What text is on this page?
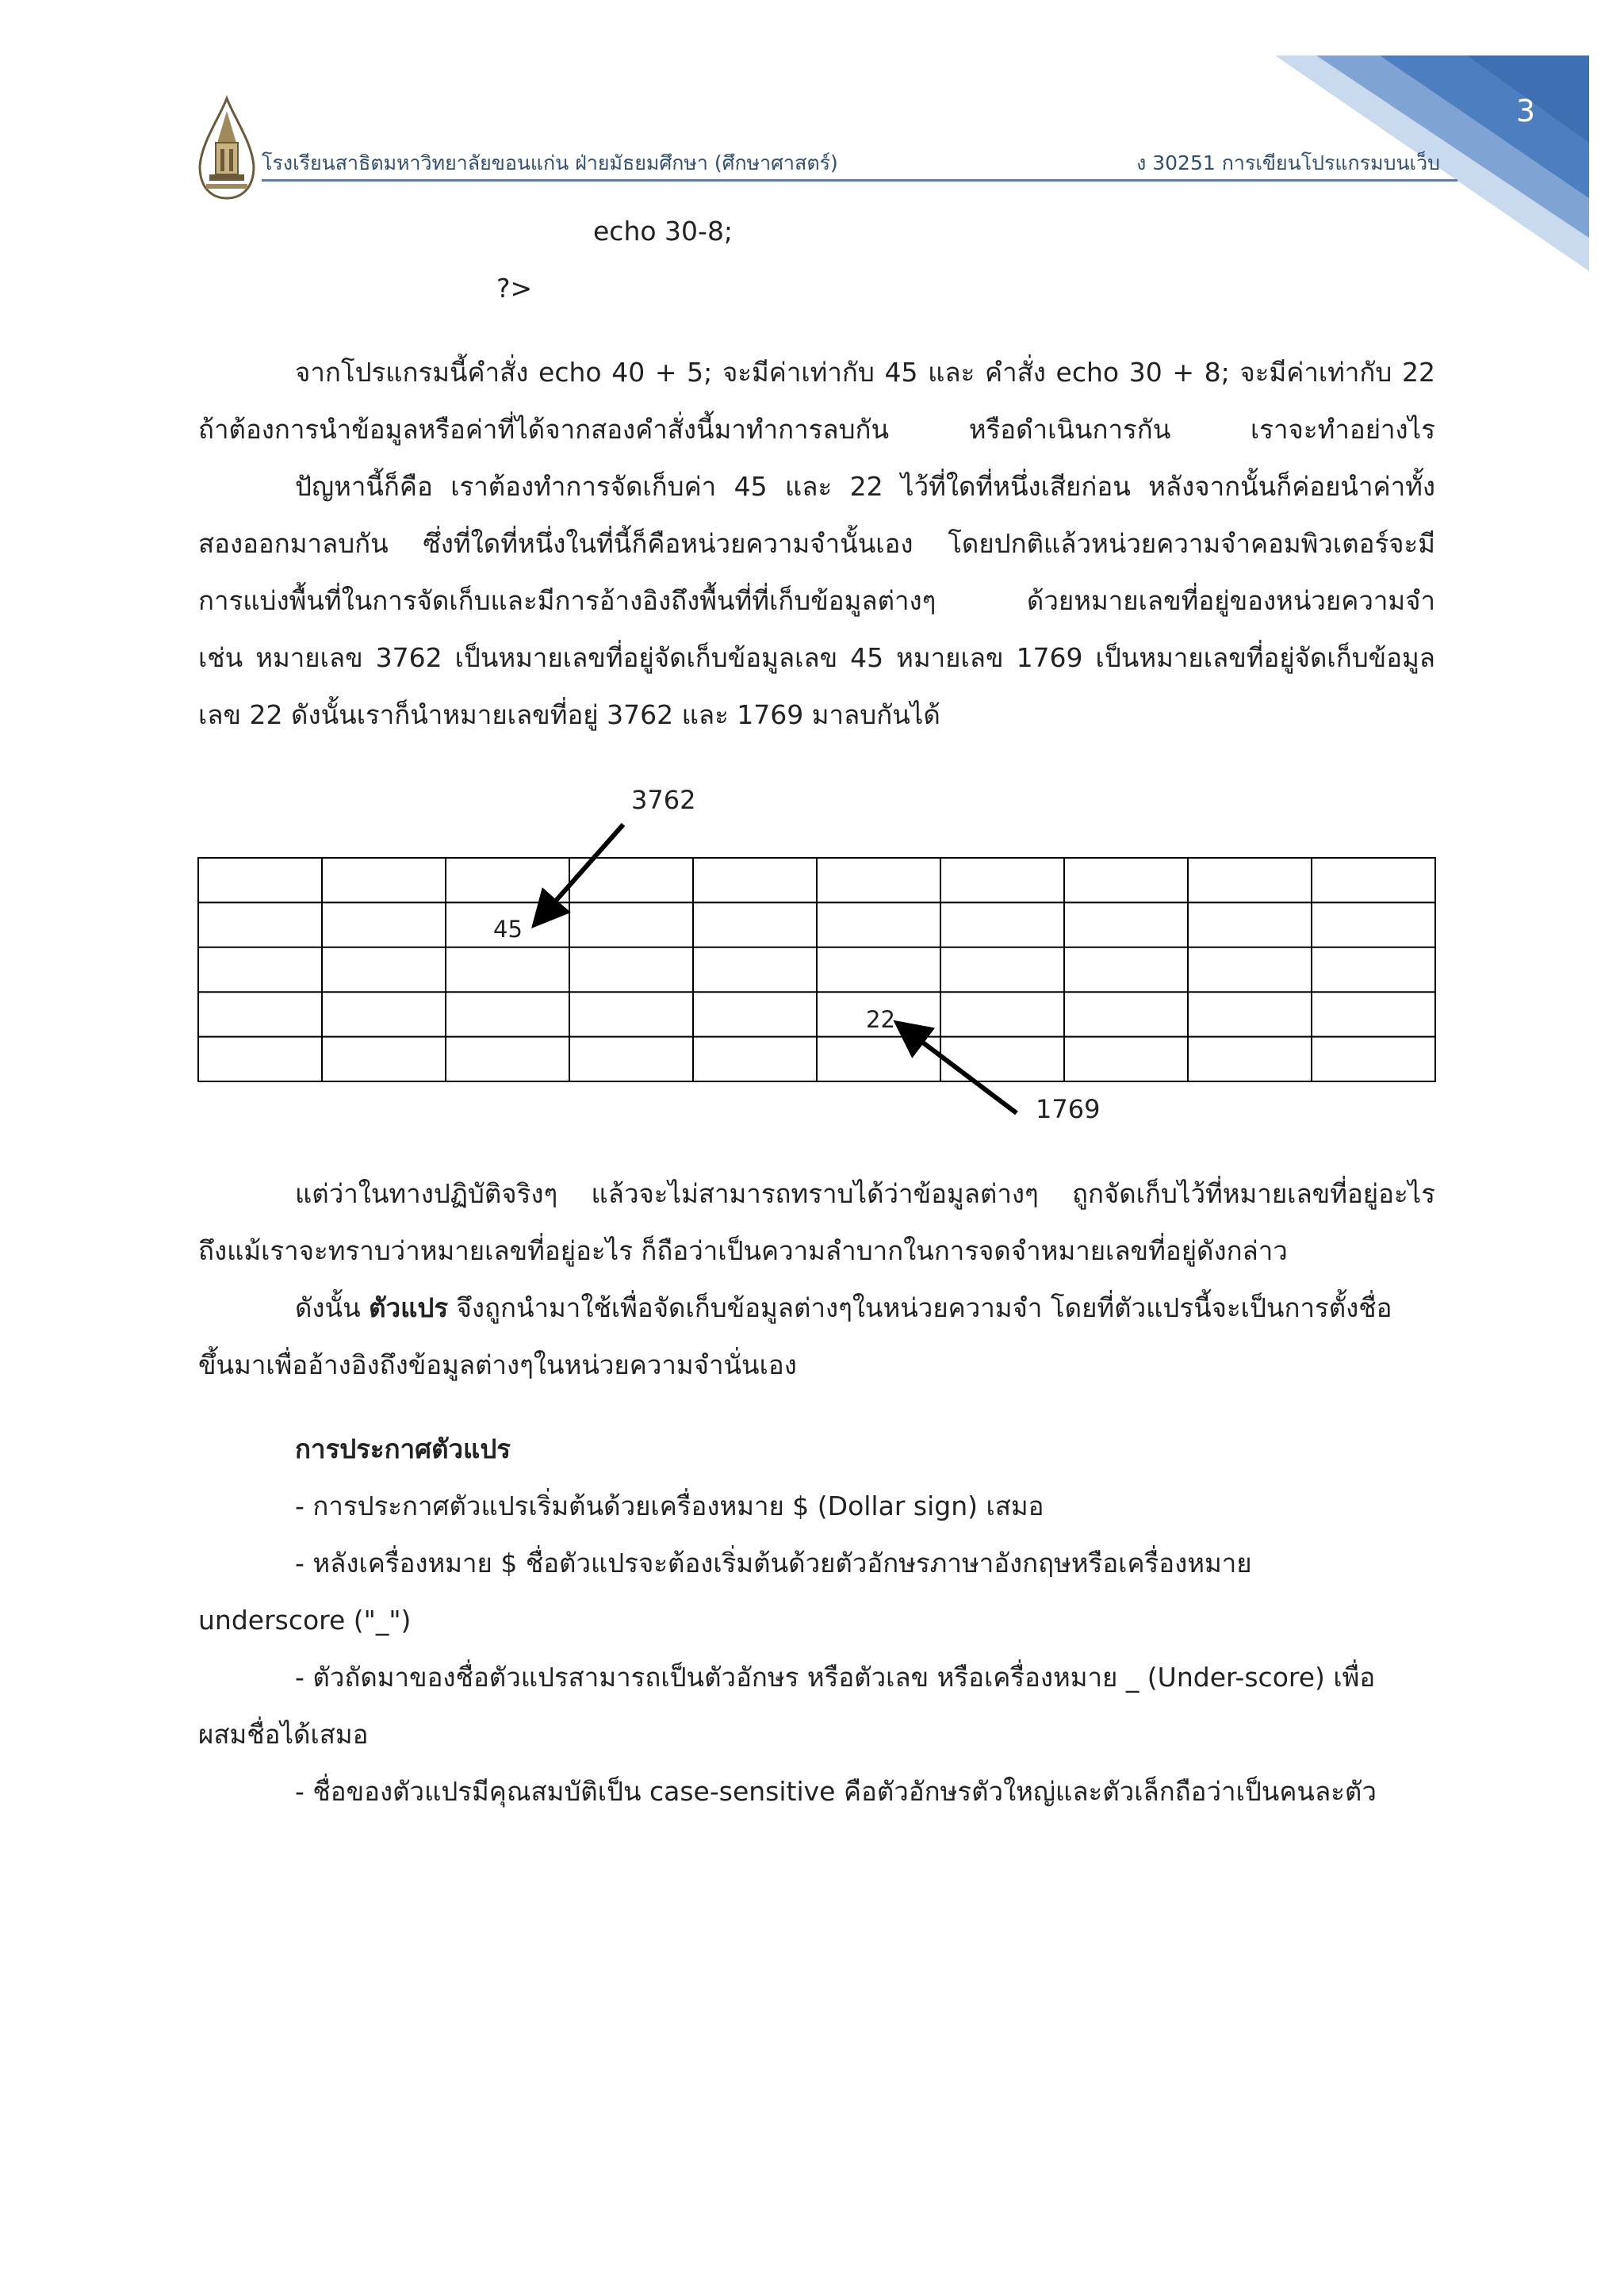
3
โรงเรียนสาธิตมหาวิทยาลัยขอนแก่น ฝ่ายมัธยมศึกษา (ศึกษาศาสตร์)	ง 30251 การเขียนโปรแกรมบนเว็บ
echo 30-8;
?>
จากโปรแกรมนี้คำสั่ง echo 40 + 5; จะมีค่าเท่ากับ 45 และ คำสั่ง echo 30 + 8; จะมีค่าเท่ากับ 22
ถ้าต้องการนำข้อมูลหรือค่าที่ได้จากสองคำสั่งนี้มาทำการลบกัน หรือดำเนินการกัน เราจะทำอย่างไร
ปัญหานี้ก็คือ เราต้องทำการจัดเก็บค่า 45 และ 22 ไว้ที่ใดที่หนึ่งเสียก่อน หลังจากนั้นก็ค่อยนำค่าทั้ง
สองออกมาลบกัน ซึ่งที่ใดที่หนึ่งในที่นี้ก็คือหน่วยความจำนั้นเอง โดยปกติแล้วหน่วยความจำคอมพิวเตอร์จะมี
การแบ่งพื้นที่ในการจัดเก็บและมีการอ้างอิงถึงพื้นที่ที่เก็บข้อมูลต่างๆ ด้วยหมายเลขที่อยู่ของหน่วยความจำ
เช่น หมายเลข 3762 เป็นหมายเลขที่อยู่จัดเก็บข้อมูลเลข 45 หมายเลข 1769 เป็นหมายเลขที่อยู่จัดเก็บข้อมูล
เลข 22 ดังนั้นเราก็นำหมายเลขที่อยู่ 3762 และ 1769 มาลบกันได้
3762
1769
45
22
แต่ว่าในทางปฏิบัติจริงๆ แล้วจะไม่สามารถทราบได้ว่าข้อมูลต่างๆ ถูกจัดเก็บไว้ที่หมายเลขที่อยู่อะไร
ถึงแม้เราจะทราบว่าหมายเลขที่อยู่อะไร ก็ถือว่าเป็นความลำบากในการจดจำหมายเลขที่อยู่ดังกล่าว
ดังนั้น ตัวแปร จึงถูกนำมาใช้เพื่อจัดเก็บข้อมูลต่างๆในหน่วยความจำ โดยที่ตัวแปรนี้จะเป็นการตั้งชื่อ
ขึ้นมาเพื่ออ้างอิงถึงข้อมูลต่างๆในหน่วยความจำนั่นเอง
การประกาศตัวแปร
- การประกาศตัวแปรเริ่มต้นด้วยเครื่องหมาย $ (Dollar sign) เสมอ
- หลังเครื่องหมาย $ ชื่อตัวแปรจะต้องเริ่มต้นด้วยตัวอักษรภาษาอังกฤษหรือเครื่องหมาย
underscore ("_")
- ตัวถัดมาของชื่อตัวแปรสามารถเป็นตัวอักษร หรือตัวเลข หรือเครื่องหมาย _ (Under-score) เพื่อ
ผสมชื่อได้เสมอ
- ชื่อของตัวแปรมีคุณสมบัติเป็น case-sensitive คือตัวอักษรตัวใหญ่และตัวเล็กถือว่าเป็นคนละตัว
